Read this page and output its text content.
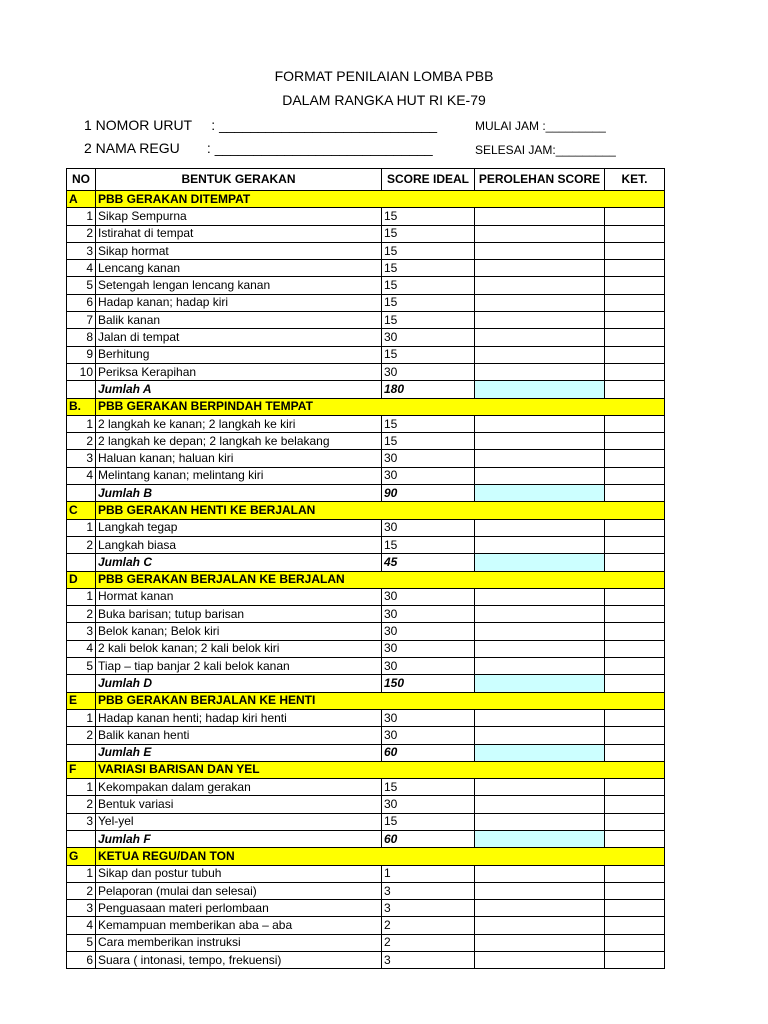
FORMAT PENILAIAN LOMBA PBB
DALAM RANGKA HUT RI KE-79
1 NOMOR URUT     : ____________________________
2 NAMA REGU       : ____________________________
MULAI JAM :_________
SELESAI JAM:_________
NO	BENTUK GERAKAN	SCORE IDEAL	PEROLEHAN SCORE	KET.
A	PBB GERAKAN DITEMPAT			
1	Sikap Sempurna	15		
2	Istirahat di tempat	15		
3	Sikap hormat	15		
4	Lencang kanan	15		
5	Setengah lengan lencang kanan	15		
6	Hadap kanan; hadap kiri	15		
7	Balik kanan	15		
8	Jalan di tempat	30		
9	Berhitung	15		
10	Periksa Kerapihan	30		
	Jumlah A	180		
B.	PBB GERAKAN BERPINDAH TEMPAT			
1	2 langkah ke kanan; 2 langkah ke kiri	15		
2	2 langkah ke depan; 2 langkah ke belakang	15		
3	Haluan kanan; haluan kiri	30		
4	Melintang kanan; melintang kiri	30		
	Jumlah B	90		
C	PBB GERAKAN HENTI KE BERJALAN			
1	Langkah tegap	30		
2	Langkah biasa	15		
	Jumlah C	45		
D	PBB GERAKAN BERJALAN KE BERJALAN			
1	Hormat kanan	30		
2	Buka barisan; tutup barisan	30		
3	Belok kanan; Belok kiri	30		
4	2 kali belok kanan; 2 kali belok kiri	30		
5	Tiap – tiap banjar 2 kali belok kanan	30		
	Jumlah D	150		
E	PBB GERAKAN BERJALAN KE HENTI			
1	Hadap kanan henti; hadap kiri henti	30		
2	Balik kanan henti	30		
	Jumlah E	60		
F	VARIASI BARISAN DAN YEL			
1	Kekompakan dalam gerakan	15		
2	Bentuk variasi	30		
3	Yel-yel	15		
	Jumlah F	60		
G	KETUA REGU/DAN TON			
1	Sikap dan postur tubuh	1		
2	Pelaporan (mulai dan selesai)	3		
3	Penguasaan materi perlombaan	3		
4	Kemampuan memberikan aba – aba	2		
5	Cara memberikan instruksi	2		
6	Suara ( intonasi, tempo, frekuensi)	3		
